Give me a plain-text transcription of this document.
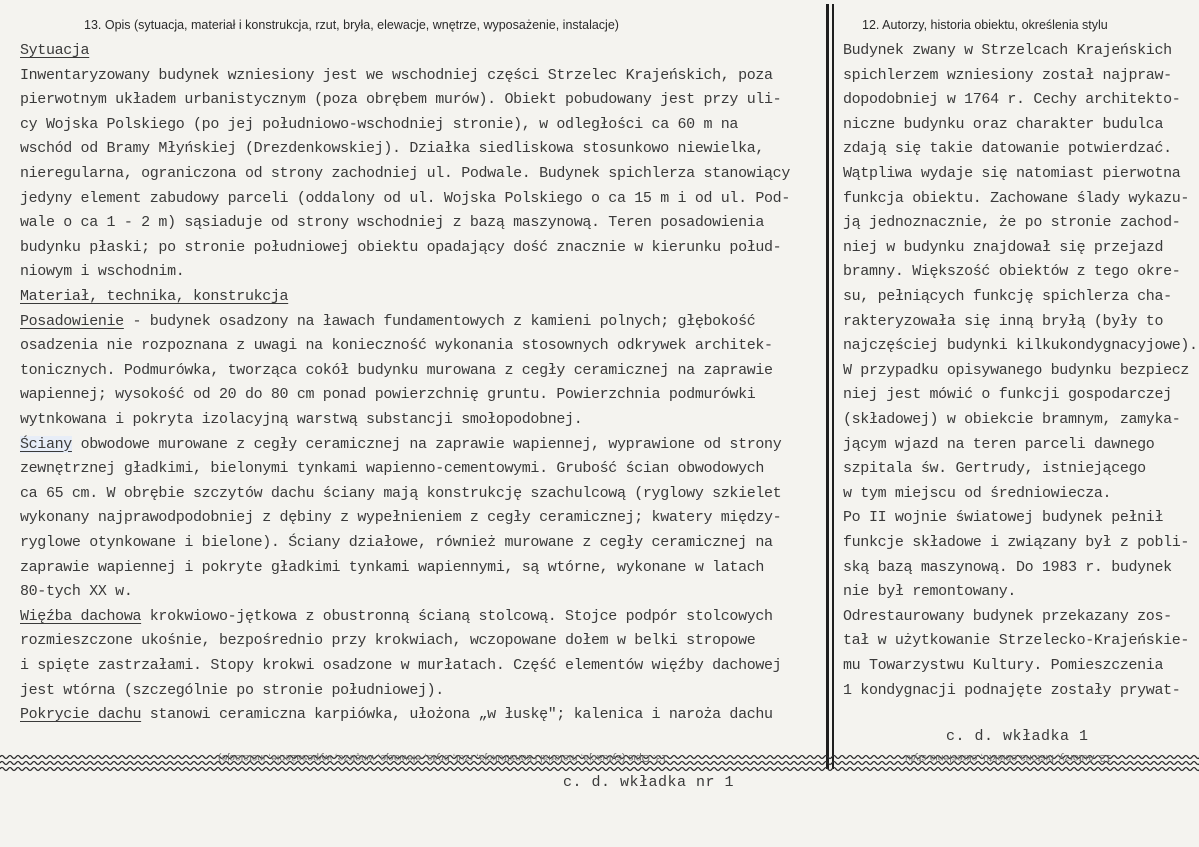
13. Opis (sytuacja, materiał i konstrukcja, rzut, bryła, elewacje, wnętrze, wyposażenie, instalacje)	12. Autorzy, historia obiektu, określenia stylu
Sytuacja
Inwentaryzowany budynek wzniesiony jest we wschodniej części Strzelec Krajeńskich, poza
pierwotnym układem urbanistycznym (poza obrębem murów). Obiekt pobudowany jest przy uli-
cy Wojska Polskiego (po jej południowo-wschodniej stronie), w odległości ca 60 m na
wschód od Bramy Młyńskiej (Drezdenkowskiej). Działka siedliskowa stosunkowo niewielka,
nieregularna, ograniczona od strony zachodniej ul. Podwale. Budynek spichlerza stanowiący
jedyny element zabudowy parceli (oddalony od ul. Wojska Polskiego o ca 15 m i od ul. Pod-
wale o ca 1 - 2 m) sąsiaduje od strony wschodniej z bazą maszynową. Teren posadowienia
budynku płaski; po stronie południowej obiektu opadający dość znacznie w kierunku połud-
niowym i wschodnim.
Materiał, technika, konstrukcja
Posadowienie - budynek osadzony na ławach fundamentowych z kamieni polnych; głębokość
osadzenia nie rozpoznana z uwagi na konieczność wykonania stosownych odkrywek architek-
tonicznych. Podmurówka, tworząca cokół budynku murowana z cegły ceramicznej na zaprawie
wapiennej; wysokość od 20 do 80 cm ponad powierzchnię gruntu. Powierzchnia podmurówki
wytnkowana i pokryta izolacyjną warstwą substancji smołopodobnej.
Ściany obwodowe murowane z cegły ceramicznej na zaprawie wapiennej, wyprawione od strony
zewnętrznej gładkimi, bielonymi tynkami wapienno-cementowymi. Grubość ścian obwodowych
ca 65 cm. W obrębie szczytów dachu ściany mają konstrukcję szachulcową (ryglowy szkielet
wykonany najprawodpodobniej z dębiny z wypełnieniem z cegły ceramicznej; kwatery między-
ryglowe otynkowane i bielone). Ściany działowe, również murowane z cegły ceramicznej na
zaprawie wapiennej i pokryte gładkimi tynkami wapiennymi, są wtórne, wykonane w latach
80-tych XX w.
Więźba dachowa krokwiowo-jętkowa z obustronną ścianą stolcową. Stojce podpór stolcowych
rozmieszczone ukośnie, bezpośrednio przy krokwiach, wczopowane dołem w belki stropowe
i spięte zastrzałami. Stopy krokwi osadzone w murłatach. Część elementów więźby dachowej
jest wtórna (szczególnie po stronie południowej).
Pokrycie dachu stanowi ceramiczna karpiówka, ułożona „w łuskę"; kalenica i naroża dachu
Budynek zwany w Strzelcach Krajeńskich
spichlerzem wzniesiony został najpraw-
dopodobniej w 1764 r. Cechy architekto-
niczne budynku oraz charakter budulca
zdają się takie datowanie potwierdzać.
Wątpliwa wydaje się natomiast pierwotna
funkcja obiektu. Zachowane ślady wykazu-
ją jednoznacznie, że po stronie zachod-
niej w budynku znajdował się przejazd
bramny. Większość obiektów z tego okre-
su, pełniących funkcję spichlerza cha-
rakteryzowała się inną bryłą (były to
najczęściej budynki kilkukondygnacyjowe).
W przypadku opisywanego budynku bezpiecz
niej jest mówić o funkcji gospodarczej
(składowej) w obiekcie bramnym, zamyka-
jącym wjazd na teren parceli dawnego
szpitala św. Gertrudy, istniejącego
w tym miejscu od średniowiecza.
Po II wojnie światowej budynek pełnił
funkcje składowe i związany był z pobli-
ską bazą maszynową. Do 1983 r. budynek
nie był remontowany.
Odrestaurowany budynek przekazany zos-
tał w użytkowanie Strzelecko-Krajeńskie-
mu Towarzystwu Kultury. Pomieszczenia
1 kondygnacji podnajęte zostały prywat-
c. d. wkładka 1
13. Opis (sytuacja, materiał i konstrukcja, rzut, bryła, elewacje, wnętrze, wyposażenie, instalacje)	12. Autorzy, historia obiektu, określenia stylu
c. d. wkładka nr 1
